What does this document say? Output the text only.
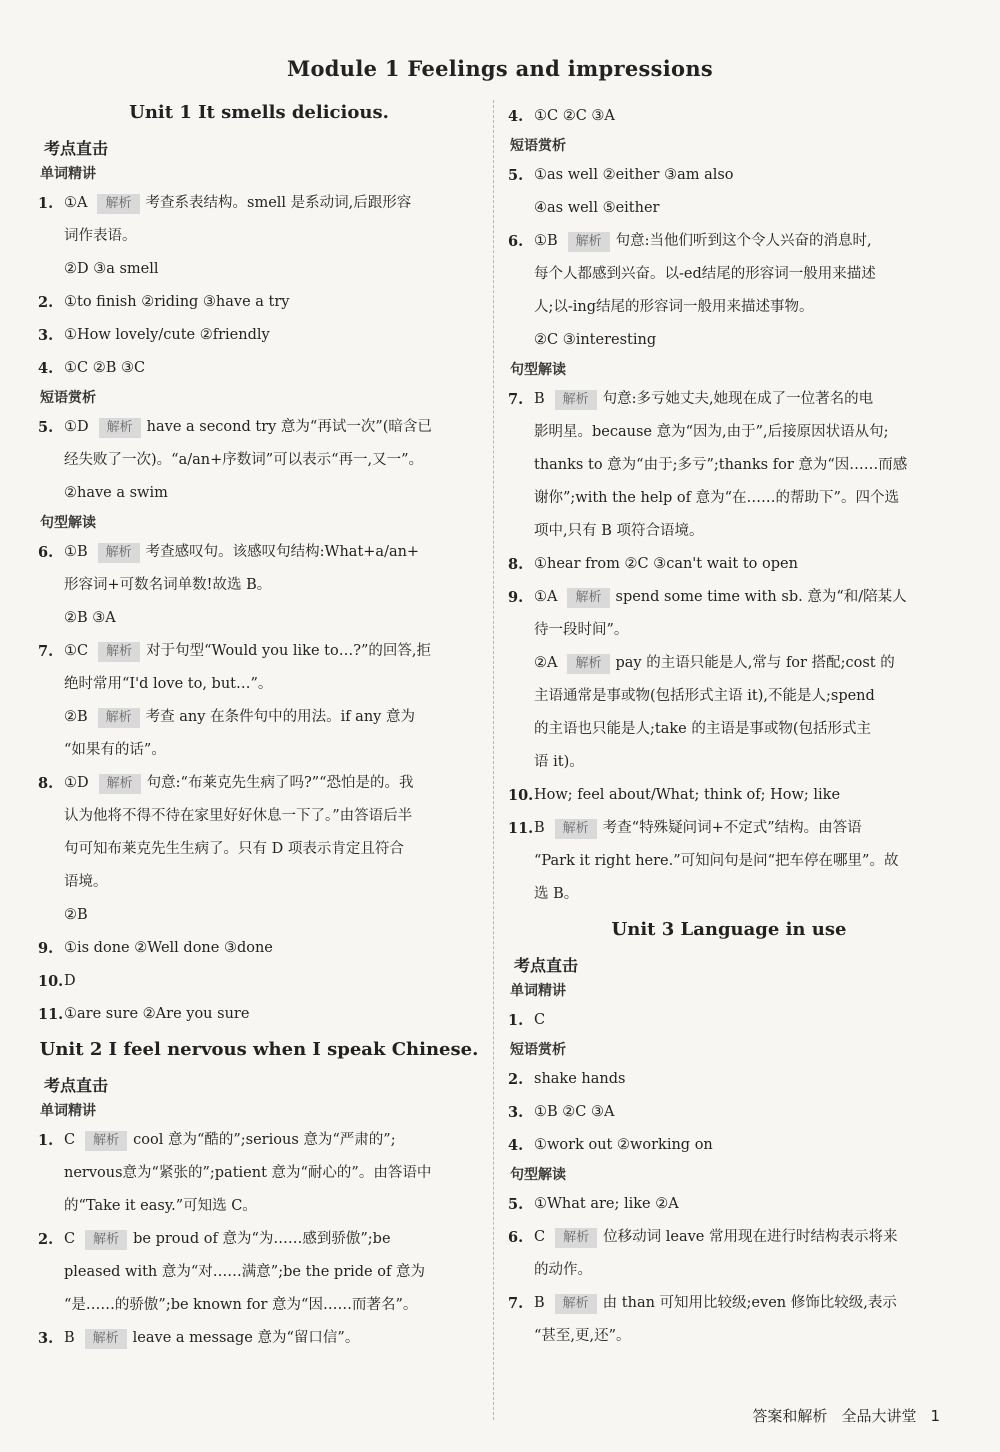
Module 1 Feelings and impressions
Unit 1 It smells delicious.
考点直击
单词精讲
1. ①A 解析 考查系表结构。smell 是系动词,后跟形容
词作表语。
②D ③a smell
2. ①to finish ②riding ③have a try
3. ①How lovely/cute ②friendly
4. ①C ②B ③C
短语赏析
5. ①D 解析 have a second try 意为“再试一次”(暗含已
经失败了一次)。“a/an+序数词”可以表示“再一,又一”。
②have a swim
句型解读
6. ①B 解析 考查感叹句。该感叹句结构:What+a/an+
形容词+可数名词单数!故选 B。
②B ③A
7. ①C 解析 对于句型“Would you like to…?”的回答,拒
绝时常用“I'd love to, but…”。
②B 解析 考查 any 在条件句中的用法。if any 意为
“如果有的话”。
8. ①D 解析 句意:“布莱克先生病了吗?”“恐怕是的。我
认为他将不得不待在家里好好休息一下了。”由答语后半
句可知布莱克先生生病了。只有 D 项表示肯定且符合
语境。
②B
9. ①is done ②Well done ③done
10. D
11. ①are sure ②Are you sure
Unit 2 I feel nervous when I speak Chinese.
考点直击
单词精讲
1. C 解析 cool 意为“酷的”;serious 意为“严肃的”;
nervous意为“紧张的”;patient 意为“耐心的”。由答语中
的“Take it easy.”可知选 C。
2. C 解析 be proud of 意为“为……感到骄傲”;be
pleased with 意为“对……满意”;be the pride of 意为
“是……的骄傲”;be known for 意为“因……而著名”。
3. B 解析 leave a message 意为“留口信”。
4. ①C ②C ③A
短语赏析
5. ①as well ②either ③am also
④as well ⑤either
6. ①B 解析 句意:当他们听到这个令人兴奋的消息时,
每个人都感到兴奋。以-ed结尾的形容词一般用来描述
人;以-ing结尾的形容词一般用来描述事物。
②C ③interesting
句型解读
7. B 解析 句意:多亏她丈夫,她现在成了一位著名的电
影明星。because 意为“因为,由于”,后接原因状语从句;
thanks to 意为“由于;多亏”;thanks for 意为“因……而感
谢你”;with the help of 意为“在……的帮助下”。四个选
项中,只有 B 项符合语境。
8. ①hear from ②C ③can't wait to open
9. ①A 解析 spend some time with sb. 意为“和/陪某人
待一段时间”。
②A 解析 pay 的主语只能是人,常与 for 搭配;cost 的
主语通常是事或物(包括形式主语 it),不能是人;spend
的主语也只能是人;take 的主语是事或物(包括形式主
语 it)。
10. How; feel about/What; think of; How; like
11. B 解析 考查“特殊疑问词+不定式”结构。由答语
“Park it right here.”可知问句是问“把车停在哪里”。故
选 B。
Unit 3 Language in use
考点直击
单词精讲
1. C
短语赏析
2. shake hands
3. ①B ②C ③A
4. ①work out ②working on
句型解读
5. ①What are; like ②A
6. C 解析 位移动词 leave 常用现在进行时结构表示将来
的动作。
7. B 解析 由 than 可知用比较级;even 修饰比较级,表示
“甚至,更,还”。
答案和解析 全品大讲堂 1
